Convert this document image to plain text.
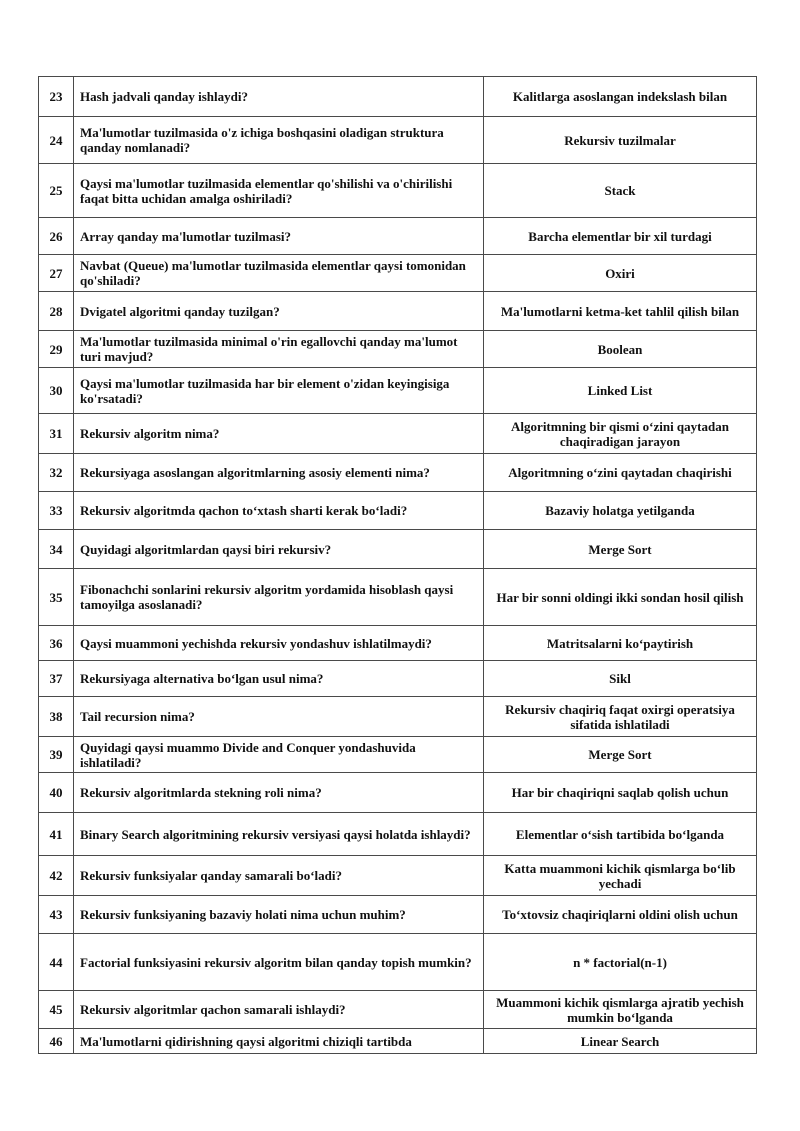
23	Hash jadvali qanday ishlaydi?	Kalitlarga asoslangan indekslash bilan
24	Ma'lumotlar tuzilmasida o'z ichiga boshqasini oladigan struktura qanday nomlanadi?	Rekursiv tuzilmalar
25	Qaysi ma'lumotlar tuzilmasida elementlar qo'shilishi va o'chirilishi faqat bitta uchidan amalga oshiriladi?	Stack
26	Array qanday ma'lumotlar tuzilmasi?	Barcha elementlar bir xil turdagi
27	Navbat (Queue) ma'lumotlar tuzilmasida elementlar qaysi tomonidan qo'shiladi?	Oxiri
28	Dvigatel algoritmi qanday tuzilgan?	Ma'lumotlarni ketma-ket tahlil qilish bilan
29	Ma'lumotlar tuzilmasida minimal o'rin egallovchi qanday ma'lumot turi mavjud?	Boolean
30	Qaysi ma'lumotlar tuzilmasida har bir element o'zidan keyingisiga ko'rsatadi?	Linked List
31	Rekursiv algoritm nima?	Algoritmning bir qismi o‘zini qaytadan chaqiradigan jarayon
32	Rekursiyaga asoslangan algoritmlarning asosiy elementi nima?	Algoritmning o‘zini qaytadan chaqirishi
33	Rekursiv algoritmda qachon to‘xtash sharti kerak bo‘ladi?	Bazaviy holatga yetilganda
34	Quyidagi algoritmlardan qaysi biri rekursiv?	Merge Sort
35	Fibonachchi sonlarini rekursiv algoritm yordamida hisoblash qaysi tamoyilga asoslanadi?	Har bir sonni oldingi ikki sondan hosil qilish
36	Qaysi muammoni yechishda rekursiv yondashuv ishlatilmaydi?	Matritsalarni ko‘paytirish
37	Rekursiyaga alternativa bo‘lgan usul nima?	Sikl
38	Tail recursion nima?	Rekursiv chaqiriq faqat oxirgi operatsiya sifatida ishlatiladi
39	Quyidagi qaysi muammo Divide and Conquer yondashuvida ishlatiladi?	Merge Sort
40	Rekursiv algoritmlarda stekning roli nima?	Har bir chaqiriqni saqlab qolish uchun
41	Binary Search algoritmining rekursiv versiyasi qaysi holatda ishlaydi?	Elementlar o‘sish tartibida bo‘lganda
42	Rekursiv funksiyalar qanday samarali bo‘ladi?	Katta muammoni kichik qismlarga bo‘lib yechadi
43	Rekursiv funksiyaning bazaviy holati nima uchun muhim?	To‘xtovsiz chaqiriqlarni oldini olish uchun
44	Factorial funksiyasini rekursiv algoritm bilan qanday topish mumkin?	n * factorial(n-1)
45	Rekursiv algoritmlar qachon samarali ishlaydi?	Muammoni kichik qismlarga ajratib yechish mumkin bo‘lganda
46	Ma'lumotlarni qidirishning qaysi algoritmi chiziqli tartibda	Linear Search
